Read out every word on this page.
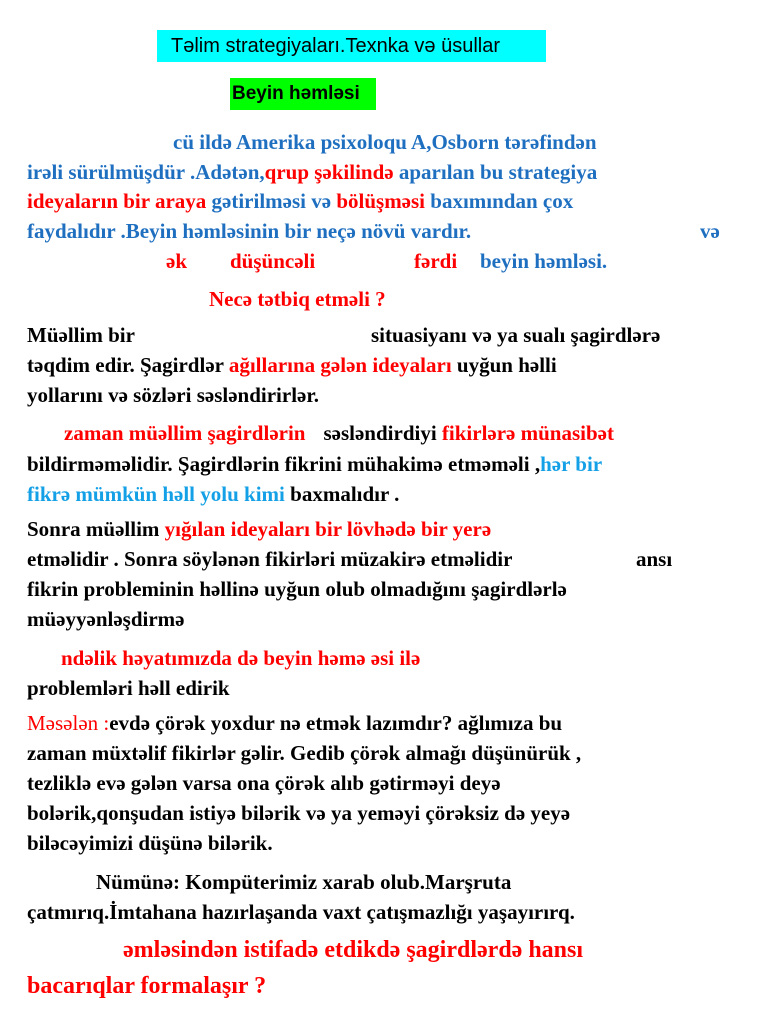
Təlim strategiyaları.Texnka və üsullar
Beyin həmləsi
cü ildə Amerika psixoloqu A,Osborn tərəfindən
irəli sürülmüşdür .Adətən,qrup şəkilində aparılan bu strategiya
ideyaların bir araya gətirilməsi və bölüşməsi baxımından çox
faydalıdır .Beyin həmləsinin bir neçə növü vardır.	və
ək düşüncəli	fərdi beyin həmləsi.
Necə tətbiq etməli ?
Müəllim bir	situasiyanı və ya sualı şagirdlərə
təqdim edir. Şagirdlər ağıllarına gələn ideyaları uyğun həlli
yollarını və sözləri səsləndirirlər.
zaman müəllim şagirdlərin səsləndirdiyi fikirlərə münasibət
bildirməməlidir. Şagirdlərin fikrini mühakimə etməməli ,hər bir
fikrə mümkün həll yolu kimi baxmalıdır .
Sonra müəllim yığılan ideyaları bir lövhədə bir yerə
etməlidir . Sonra söylənən fikirləri müzakirə etməlidir	ansı
fikrin probleminin həllinə uyğun olub olmadığını şagirdlərlə
müəyyənləşdirmə
ndəlik həyatımızda də beyin həmə əsi ilə
problemləri həll edirik
Məsələn :evdə çörək yoxdur nə etmək lazımdır? ağlımıza bu
zaman müxtəlif fikirlər gəlir. Gedib çörək almağı düşünürük ,
tezliklə evə gələn varsa ona çörək alıb gətirməyi deyə
bolərik,qonşudan istiyə bilərik və ya yeməyi çörəksiz də yeyə
biləcəyimizi düşünə bilərik.
Nümünə: Kompüterimiz xarab olub.Marşruta
çatmırıq.İmtahana hazırlaşanda vaxt çatışmazlığı yaşayırırq.
əmləsindən istifadə etdikdə şagirdlərdə hansı
bacarıqlar formalaşır ?
